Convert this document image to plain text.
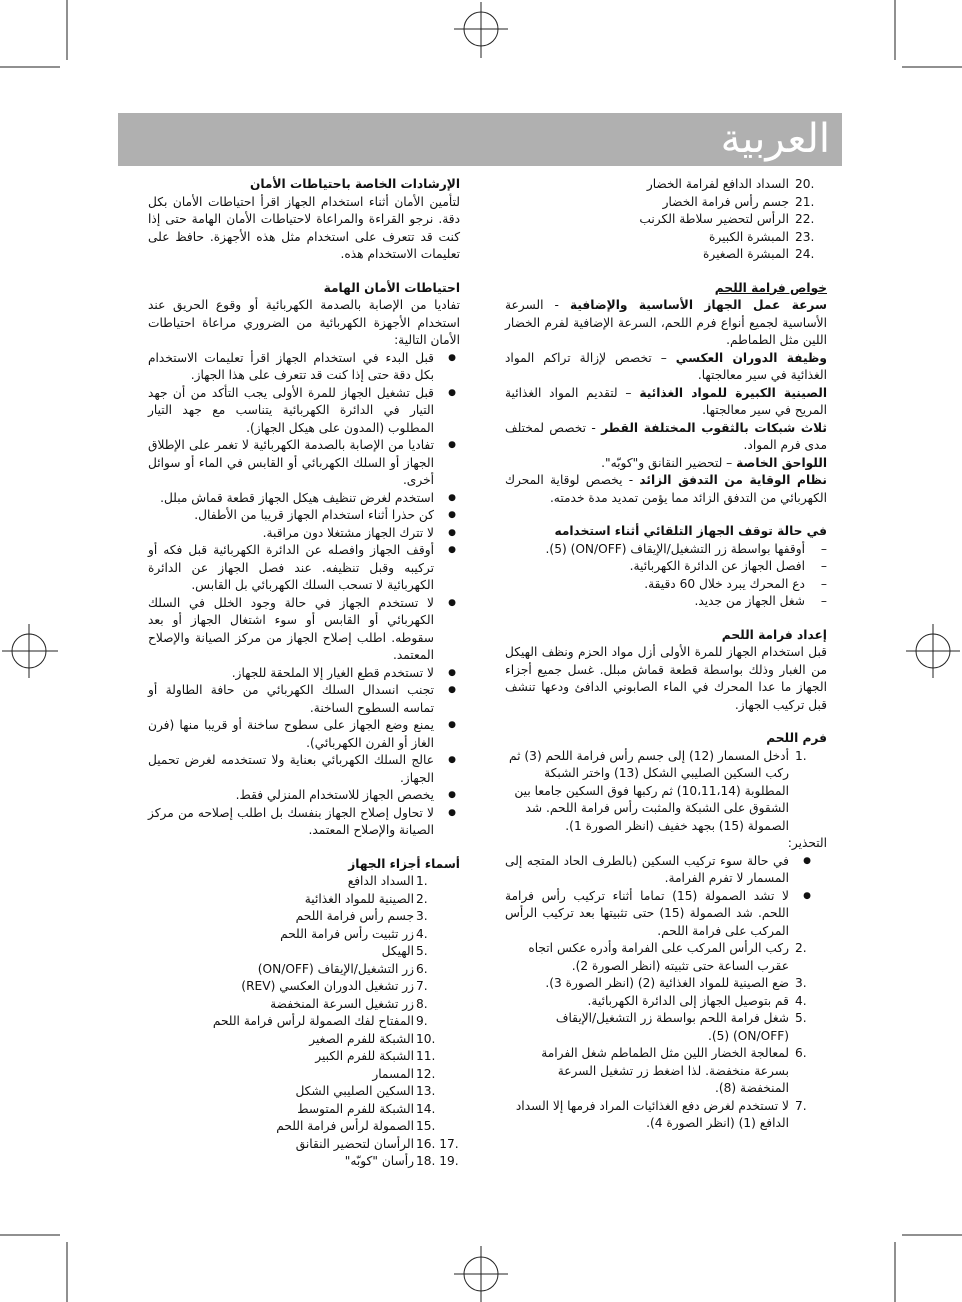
العربية
20.
السداد الدافع لفرامة الخضار
21.
جسم رأس فرامة الخضار
22.
الرأس لتحضير سلاطة الكرنب
23.
المبشرة الكبيرة
24.
المبشرة الصغيرة

خواص فرامة اللحم

سرعة عمل الجهاز الأساسية والإضافية - السرعة الأساسية لجميع أنواع فرم اللحم، السرعة الإضافية لفرم الخضار اللين مثل الطماطم.

وظيفة الدوران العكسي – تخصص لإزالة تراكم المواد الغذائية في سير معالجتها.

الصينية الكبيرة للمواد الغذائية – لتقديم المواد الغذائية المريح في سير معالجتها.

ثلاث شبكات بالثقوب المختلفة القطر - تخصص لمختلف مدى فرم المواد.

اللواحق الخاصة – لتحضير النقانق و"كوبّه".

نظام الوقاية من التدفق الزائد - يخصص لوقاية المحرك الكهربائي من التدفق الزائد مما يؤمن تمديد مدة خدمته.

في حالة توقف الجهاز التلقائي أثناء استخدامه

– أوقفها بواسطة زر التشغيل/الإيقاف (ON/OFF) (5).
– افصل الجهاز عن الدائرة الكهربائية.
– دع المحرك يبرد خلال 60 دقيقة.
– شغل الجهاز من جديد.

إعداد فرامة اللحم

قبل استخدام الجهاز للمرة الأولى أزل مواد الحزم ونظف الهيكل من الغبار وذلك بواسطة قطعة قماش مبلل. غسل جميع أجزاء الجهاز ما عدا المحرك في الماء الصابوني الدافئ ودعها تنشف قبل تركيب الجهاز.

فرم اللحم

1.
أدخل المسمار (12) إلى جسم رأس فرامة اللحم (3) ثم ركب السكين الصليبي الشكل (13) واختر الشبكة المطلوبة (10،11،14) ثم ركبها فوق السكين جامعا بين الشقوق على الشبكة والمثبت رأس فرامة اللحم. شد الصمولة (15) بجهد خفيف (انظر الصورة 1).

التحذير:

● في حالة سوء تركيب السكين (بالطرف الحاد المتجه إلى المسمار لا تفرم الفرامة.
● لا تشد الصمولة (15) تماما أثناء تركيب رأس فرامة اللحم. شد الصمولة (15) حتى تثبيتها بعد تركيب الرأس المركب على فرامة اللحم.
2.
ركب الرأس المركب على الفرامة وأدره عكس اتجاه عقرب الساعة حتى تثبيته (انظر الصورة 2).
3.
ضع الصينية للمواد الغذائية (2) (انظر الصورة 3).
4.
قم بتوصيل الجهاز إلى الدائرة الكهربائية.
5.
شغل فرامة اللحم بواسطة زر التشغيل/الإيقاف (ON/OFF) (5).
6.
لمعالجة الخضار اللين مثل الطماطم شغل الفرامة بسرعة منخفضة. لذا اضغط زر تشغيل السرعة المنخفضة (8).
7.
لا تستخدم لغرض دفع الغذائيات المراد فرمها إلا السداد الدافع (1) (انظر الصورة 4).

الإرشادات الخاصة باحتياطات الأمان

لتأمين الأمان أثناء استخدام الجهاز اقرأ احتياطات الأمان بكل دقة. نرجو القراءة والمراعاة لاحتياطات الأمان الهامة حتى إذا كنت قد تتعرف على استخدام مثل هذه الأجهزة. حافظ على تعليمات الاستخدام هذه.

احتياطات الأمان الهامة

تفاديا من الإصابة بالصدمة الكهربائية أو وقوع الحريق عند استخدام الأجهزة الكهربائية من الضروري مراعاة احتياطات الأمان التالية:

● قبل البدء في استخدام الجهاز اقرأ تعليمات الاستخدام بكل دقة حتى إذا كنت قد تتعرف على هذا الجهاز.
● قبل تشغيل الجهاز للمرة الأولى يجب التأكد من أن جهد التيار في الدائرة الكهربائية يتناسب مع جهد التيار المطلوب (المدون على هيكل الجهاز).
● تفاديا من الإصابة بالصدمة الكهربائية لا تغمر على الإطلاق الجهاز أو السلك الكهربائي أو القابس في الماء أو سوائل أخرى.
● استخدم لغرض تنظيف هيكل الجهاز قطعة قماش مبلل.
● كن حذرا أثناء استخدام الجهاز قريبا من الأطفال.
● لا تترك الجهاز مشتغلا دون مراقبة.
● أوقف الجهاز وافصله عن الدائرة الكهربائية قبل فكه أو تركيبه وقبل تنظيفه. عند فصل الجهاز عن الدائرة الكهربائية لا تسحب السلك الكهربائي بل القابس.
● لا تستخدم الجهاز في حالة وجود الخلل في السلك الكهربائي أو القابس أو سوء اشتغال الجهاز أو بعد سقوطه. اطلب إصلاح الجهاز من مركز الصيانة والإصلاح المعتمد.
● لا تستخدم قطع الغيار إلا الملحقة للجهاز.
● تجنب انسدال السلك الكهربائي من حافة الطاولة أو تماسه السطوح الساخنة.
● يمنع وضع الجهاز على سطوح ساخنة أو قريبا منها (فرن الغاز أو الفرن الكهربائي).
● عالج السلك الكهربائي بعناية ولا تستخدمه لغرض تحميل الجهاز.
● يخصص الجهاز للاستخدام المنزلي فقط.
● لا تحاول إصلاح الجهاز بنفسك بل اطلب إصلاحه من مركز الصيانة والإصلاح المعتمد.

أسماء أجزاء الجهاز

1.
السداد الدافع
2.
الصينية للمواد الغذائية
3.
جسم رأس فرامة اللحم
4.
زر تثبيت رأس فرامة اللحم
5.
الهيكل
6.
زر التشغيل/الإيقاف (ON/OFF)
7.
زر تشغيل الدوران العكسي (REV)
8.
زر تشغيل السرعة المنخفضة
9.
المفتاح لفك الصمولة لرأس فرامة اللحم
10.
الشبكة للفرم الصغير
11.
الشبكة للفرم الكبير
12.
المسمار
13.
السكين الصليبي الشكل
14.
الشبكة للفرم المتوسط
15.
الصمولة لرأس فرامة اللحم
16. 17.
الرأسان لتحضير النقانق
18. 19.
رأسان "كوبّه"
